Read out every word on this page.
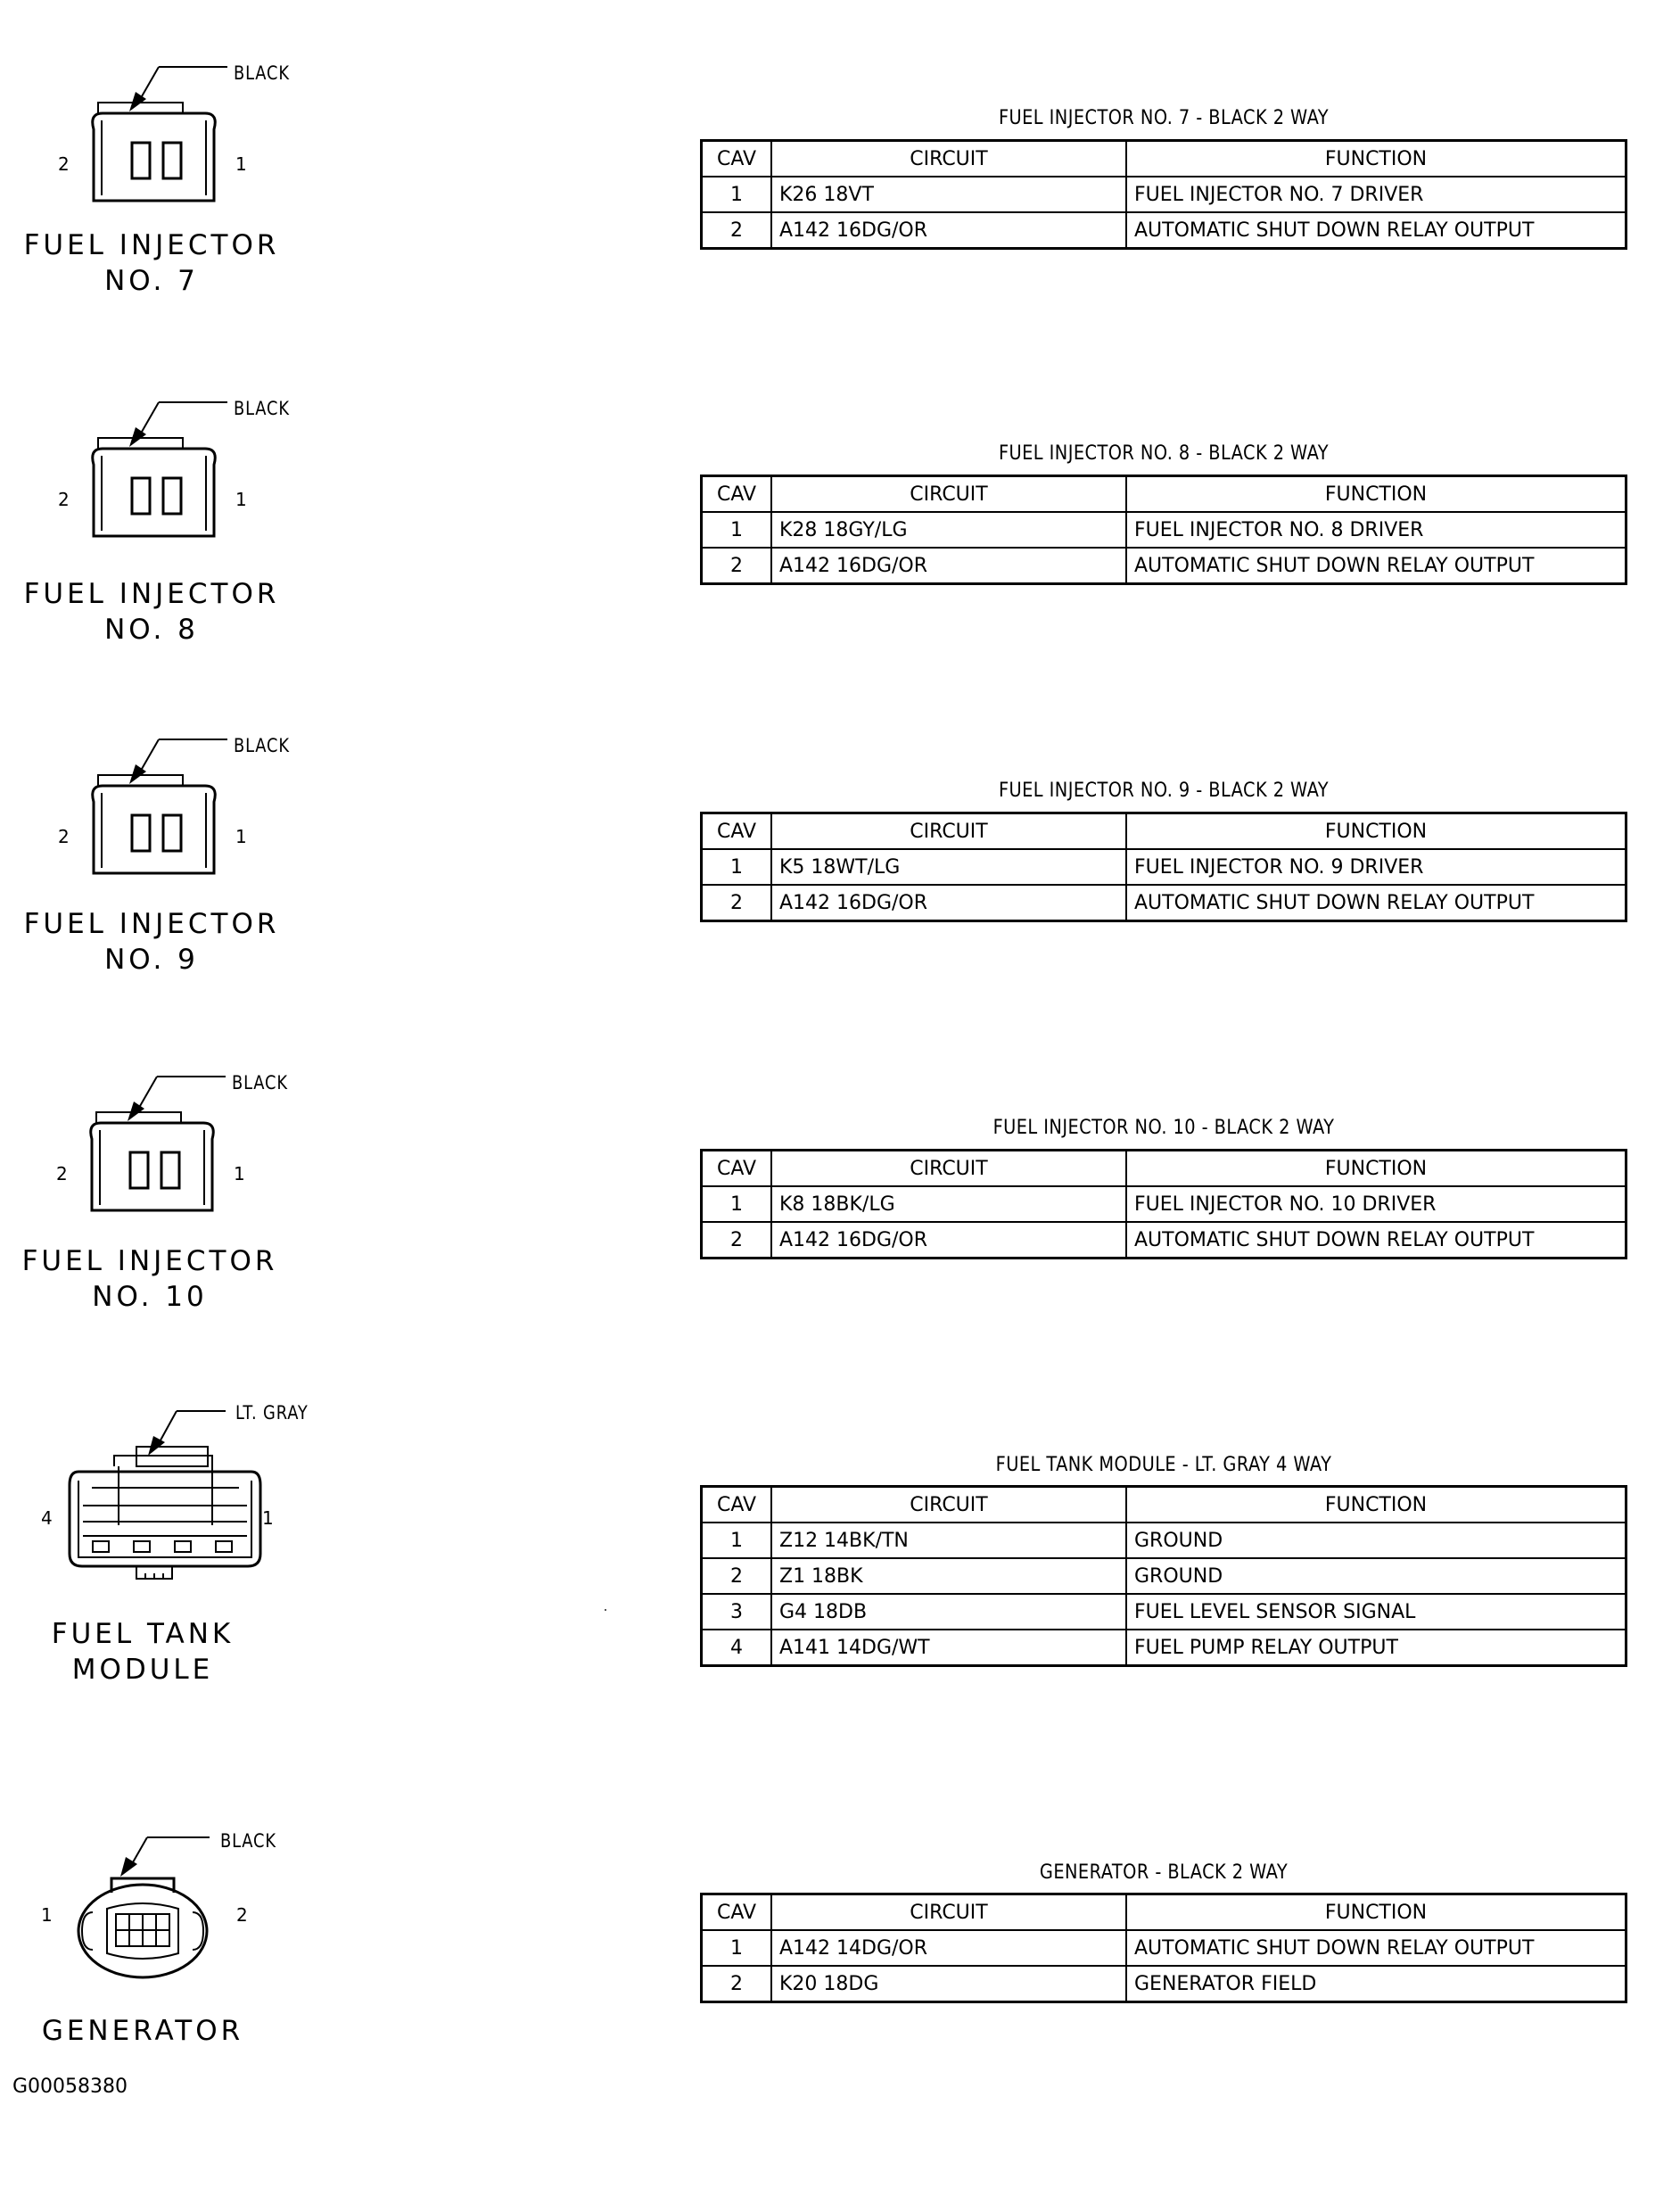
BLACK
2	1
FUEL INJECTOR
NO. 7
FUEL INJECTOR NO. 7 - BLACK 2 WAY
CAV	CIRCUIT	FUNCTION
1	K26 18VT	FUEL INJECTOR NO. 7 DRIVER
2	A142 16DG/OR	AUTOMATIC SHUT DOWN RELAY OUTPUT
BLACK
2	1
FUEL INJECTOR
NO. 8
FUEL INJECTOR NO. 8 - BLACK 2 WAY
CAV	CIRCUIT	FUNCTION
1	K28 18GY/LG	FUEL INJECTOR NO. 8 DRIVER
2	A142 16DG/OR	AUTOMATIC SHUT DOWN RELAY OUTPUT
BLACK
2	1
FUEL INJECTOR
NO. 9
FUEL INJECTOR NO. 9 - BLACK 2 WAY
CAV	CIRCUIT	FUNCTION
1	K5 18WT/LG	FUEL INJECTOR NO. 9 DRIVER
2	A142 16DG/OR	AUTOMATIC SHUT DOWN RELAY OUTPUT
BLACK
2	1
FUEL INJECTOR
NO. 10
FUEL INJECTOR NO. 10 - BLACK 2 WAY
CAV	CIRCUIT	FUNCTION
1	K8 18BK/LG	FUEL INJECTOR NO. 10 DRIVER
2	A142 16DG/OR	AUTOMATIC SHUT DOWN RELAY OUTPUT
LT. GRAY
4	1
FUEL TANK
MODULE
FUEL TANK MODULE - LT. GRAY 4 WAY
CAV	CIRCUIT	FUNCTION
1	Z12 14BK/TN	GROUND
2	Z1 18BK	GROUND
3	G4 18DB	FUEL LEVEL SENSOR SIGNAL
4	A141 14DG/WT	FUEL PUMP RELAY OUTPUT
BLACK
1	2
GENERATOR
GENERATOR - BLACK 2 WAY
CAV	CIRCUIT	FUNCTION
1	A142 14DG/OR	AUTOMATIC SHUT DOWN RELAY OUTPUT
2	K20 18DG	GENERATOR FIELD
G00058380
